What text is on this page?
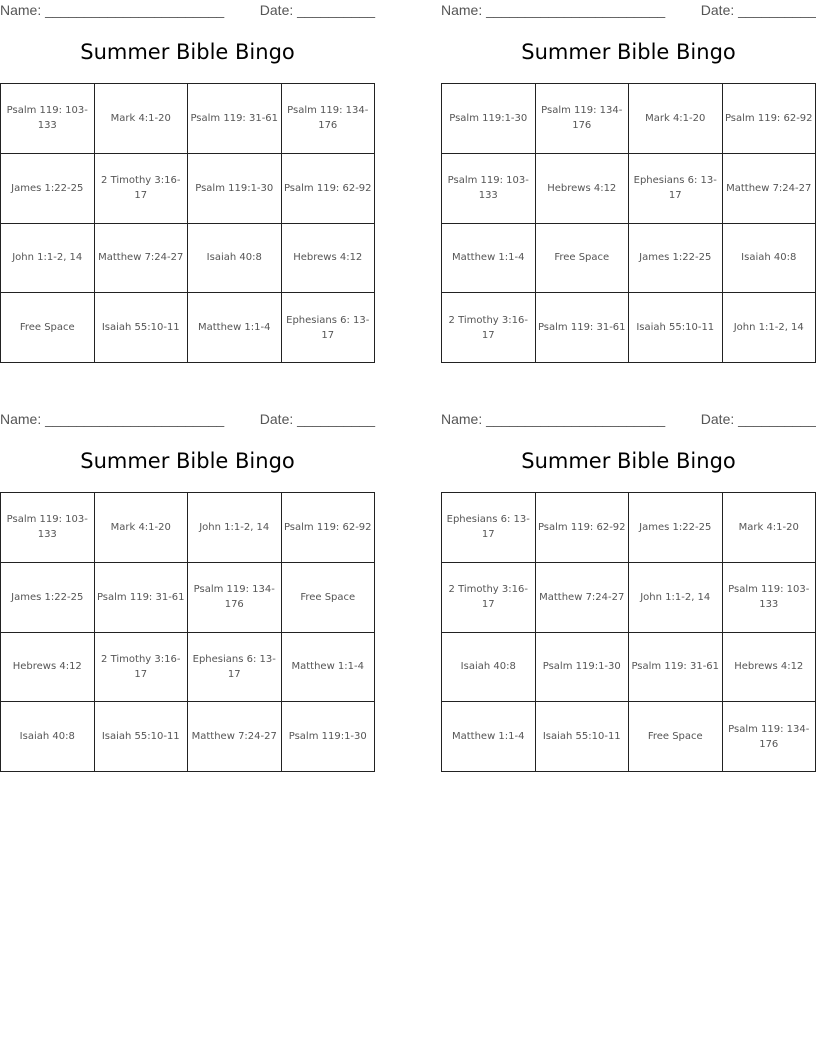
Name: _______________________	Date: __________
Summer Bible Bingo
Psalm 119: 103-133	Mark 4:1-20	Psalm 119: 31-61	Psalm 119: 134-176
James 1:22-25	2 Timothy 3:16-17	Psalm 119:1-30	Psalm 119: 62-92
John 1:1-2, 14	Matthew 7:24-27	Isaiah 40:8	Hebrews 4:12
Free Space	Isaiah 55:10-11	Matthew 1:1-4	Ephesians 6: 13-17
Name: _______________________	Date: __________
Summer Bible Bingo
Psalm 119:1-30	Psalm 119: 134-176	Mark 4:1-20	Psalm 119: 62-92
Psalm 119: 103-133	Hebrews 4:12	Ephesians 6: 13-17	Matthew 7:24-27
Matthew 1:1-4	Free Space	James 1:22-25	Isaiah 40:8
2 Timothy 3:16-17	Psalm 119: 31-61	Isaiah 55:10-11	John 1:1-2, 14
Name: _______________________	Date: __________
Summer Bible Bingo
Psalm 119: 103-133	Mark 4:1-20	John 1:1-2, 14	Psalm 119: 62-92
James 1:22-25	Psalm 119: 31-61	Psalm 119: 134-176	Free Space
Hebrews 4:12	2 Timothy 3:16-17	Ephesians 6: 13-17	Matthew 1:1-4
Isaiah 40:8	Isaiah 55:10-11	Matthew 7:24-27	Psalm 119:1-30
Name: _______________________	Date: __________
Summer Bible Bingo
Ephesians 6: 13-17	Psalm 119: 62-92	James 1:22-25	Mark 4:1-20
2 Timothy 3:16-17	Matthew 7:24-27	John 1:1-2, 14	Psalm 119: 103-133
Isaiah 40:8	Psalm 119:1-30	Psalm 119: 31-61	Hebrews 4:12
Matthew 1:1-4	Isaiah 55:10-11	Free Space	Psalm 119: 134-176
